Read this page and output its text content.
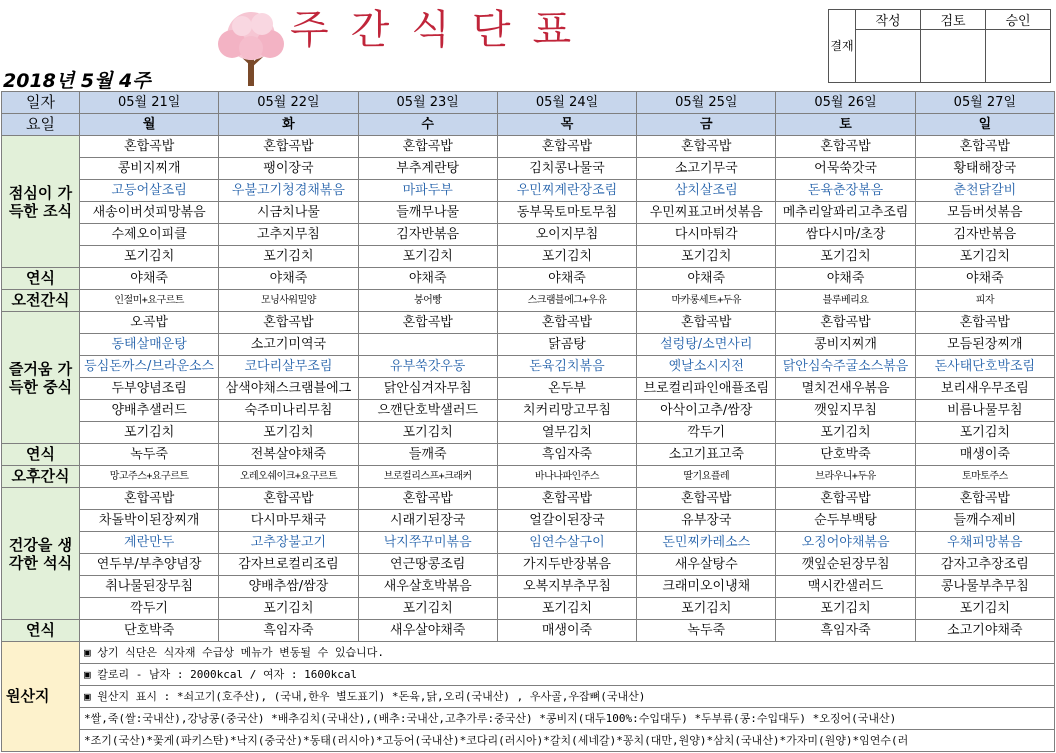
주간식단표
2018년 5월 4주
결재	작성	검토	승인

일자	05월 21일	05월 22일	05월 23일	05월 24일	05월 25일	05월 26일	05월 27일
요일	월	화	수	목	금	토	일
점심이 가득한 조식	혼합곡밥	혼합곡밥	혼합곡밥	혼합곡밥	혼합곡밥	혼합곡밥	혼합곡밥
	콩비지찌개	팽이장국	부추계란탕	김치콩나물국	소고기무국	어묵쑥갓국	황태해장국
	고등어살조림	우불고기청경채볶음	마파두부	우민찌계란장조림	삼치살조림	돈육춘장볶음	춘천닭갈비
	새송이버섯피망볶음	시금치나물	들깨무나물	동부묵토마토무침	우민찌표고버섯볶음	메추리알꽈리고추조림	모듬버섯볶음
	수제오이피클	고추지무침	김자반볶음	오이지무침	다시마튀각	쌈다시마/초장	김자반볶음
	포기김치	포기김치	포기김치	포기김치	포기김치	포기김치	포기김치
연식	야채죽	야채죽	야채죽	야채죽	야채죽	야채죽	야채죽
오전간식	인절미+요구르트	모닝사워밀양	붕어빵	스크램블에그+우유	마카롱세트+두유	블루베리요	피자
즐거움 가득한 중식	오곡밥	혼합곡밥	혼합곡밥	혼합곡밥	혼합곡밥	혼합곡밥	혼합곡밥
	동태살매운탕	소고기미역국		닭곰탕	설렁탕/소면사리	콩비지찌개	모듬된장찌개
	등심돈까스/브라운소스	코다리살무조림	유부쑥갓우동	돈육김치볶음	옛날소시지전	닭안심숙주굴소스볶음	돈사태단호박조림
	두부양념조림	삼색야채스크램블에그	닭안심겨자무침	온두부	브로컬리파인애플조림	멸치건새우볶음	보리새우무조림
	양배추샐러드	숙주미나리무침	으깬단호박샐러드	치커리망고무침	아삭이고추/쌈장	깻잎지무침	비름나물무침
	포기김치	포기김치	포기김치	열무김치	깍두기	포기김치	포기김치
연식	녹두죽	전복살야채죽	들깨죽	흑임자죽	소고기표고죽	단호박죽	매생이죽
오후간식	망고주스+요구르트	오레오쉐이크+요구르트	브로컬리스프+크래커	바나나파인주스	딸기요플레	브라우니+두유	토마토주스
건강을 생각한 석식	혼합곡밥	혼합곡밥	혼합곡밥	혼합곡밥	혼합곡밥	혼합곡밥	혼합곡밥
	차돌박이된장찌개	다시마무채국	시래기된장국	얼갈이된장국	유부장국	순두부백탕	들깨수제비
	계란만두	고추장불고기	낙지쭈꾸미볶음	임연수살구이	돈민찌카레소스	오징어야채볶음	우채피망볶음
	연두부/부추양념장	감자브로컬리조림	연근땅콩조림	가지두반장볶음	새우살탕수	깻잎순된장무침	감자고추장조림
	취나물된장무침	양배추쌈/쌈장	새우살호박볶음	오복지부추무침	크래미오이냉채	맥시칸샐러드	콩나물부추무침
	깍두기	포기김치	포기김치	포기김치	포기김치	포기김치	포기김치
연식	단호박죽	흑임자죽	새우살야채죽	매생이죽	녹두죽	흑임자죽	소고기야채죽
원산지	▣ 상기 식단은 식자재 수급상 메뉴가 변동될 수 있습니다.						
	▣ 칼로리 - 남자 : 2000kcal / 여자 : 1600kcal						
	▣ 원산지 표시 : *쇠고기(호주산), (국내,한우 별도표기) *돈육,닭,오리(국내산) , 우사골,우잡뼈(국내산)						
	*쌀,죽(쌀:국내산),강낭콩(중국산) *배추김치(국내산),(배추:국내산,고추가루:중국산) *콩비지(대두100%:수입대두) *두부류(콩:수입대두) *오징어(국내산)						
	*조기(국산)*꽃게(파키스탄)*낙지(중국산)*동태(러시아)*고등어(국내산)*코다리(러시아)*갈치(세네갈)*꽁치(대만,원양)*삼치(국내산)*가자미(원양)*임연수(러						
